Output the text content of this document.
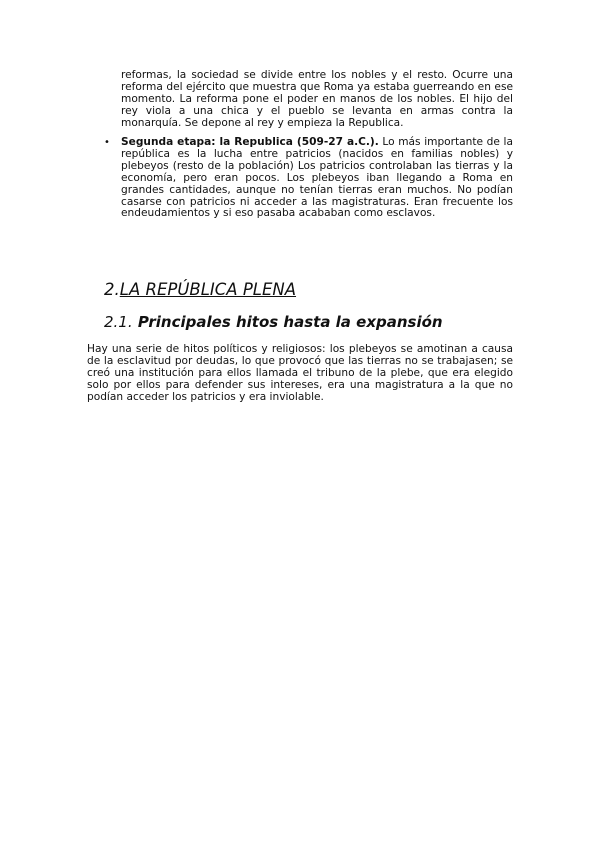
reformas, la sociedad se divide entre los nobles y el resto. Ocurre una reforma del ejército que muestra que Roma ya estaba guerreando en ese momento. La reforma pone el poder en manos de los nobles. El hijo del rey viola a una chica y el pueblo se levanta en armas contra la monarquía. Se depone al rey y empieza la Republica.
• Segunda etapa: la Republica (509-27 a.C.). Lo más importante de la república es la lucha entre patricios (nacidos en familias nobles) y plebeyos (resto de la población) Los patricios controlaban las tierras y la economía, pero eran pocos. Los plebeyos iban llegando a Roma en grandes cantidades, aunque no tenían tierras eran muchos. No podían casarse con patricios ni acceder a las magistraturas. Eran frecuente los endeudamientos y si eso pasaba acababan como esclavos.
2.LA REPÚBLICA PLENA
2.1. Principales hitos hasta la expansión
Hay una serie de hitos políticos y religiosos: los plebeyos se amotinan a causa de la esclavitud por deudas, lo que provocó que las tierras no se trabajasen; se creó una institución para ellos llamada el tribuno de la plebe, que era elegido solo por ellos para defender sus intereses, era una magistratura a la que no podían acceder los patricios y era inviolable.
